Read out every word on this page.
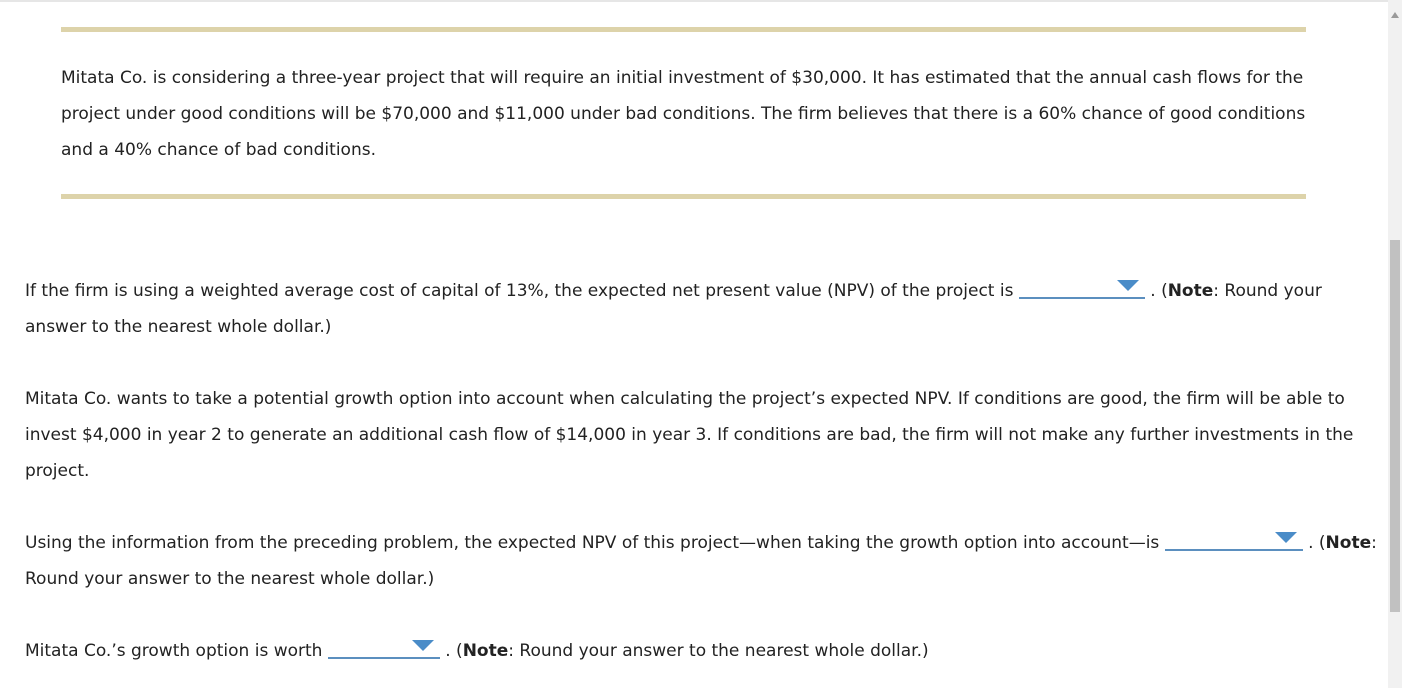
Mitata Co. is considering a three-year project that will require an initial investment of $30,000. It has estimated that the annual cash flows for the project under good conditions will be $70,000 and $11,000 under bad conditions. The firm believes that there is a 60% chance of good conditions and a 40% chance of bad conditions.

If the firm is using a weighted average cost of capital of 13%, the expected net present value (NPV) of the project is	. (Note: Round your answer to the nearest whole dollar.)

Mitata Co. wants to take a potential growth option into account when calculating the project’s expected NPV. If conditions are good, the firm will be able to invest $4,000 in year 2 to generate an additional cash flow of $14,000 in year 3. If conditions are bad, the firm will not make any further investments in the project.

Using the information from the preceding problem, the expected NPV of this project—when taking the growth option into account—is	. (Note: Round your answer to the nearest whole dollar.)

Mitata Co.’s growth option is worth	. (Note: Round your answer to the nearest whole dollar.)
